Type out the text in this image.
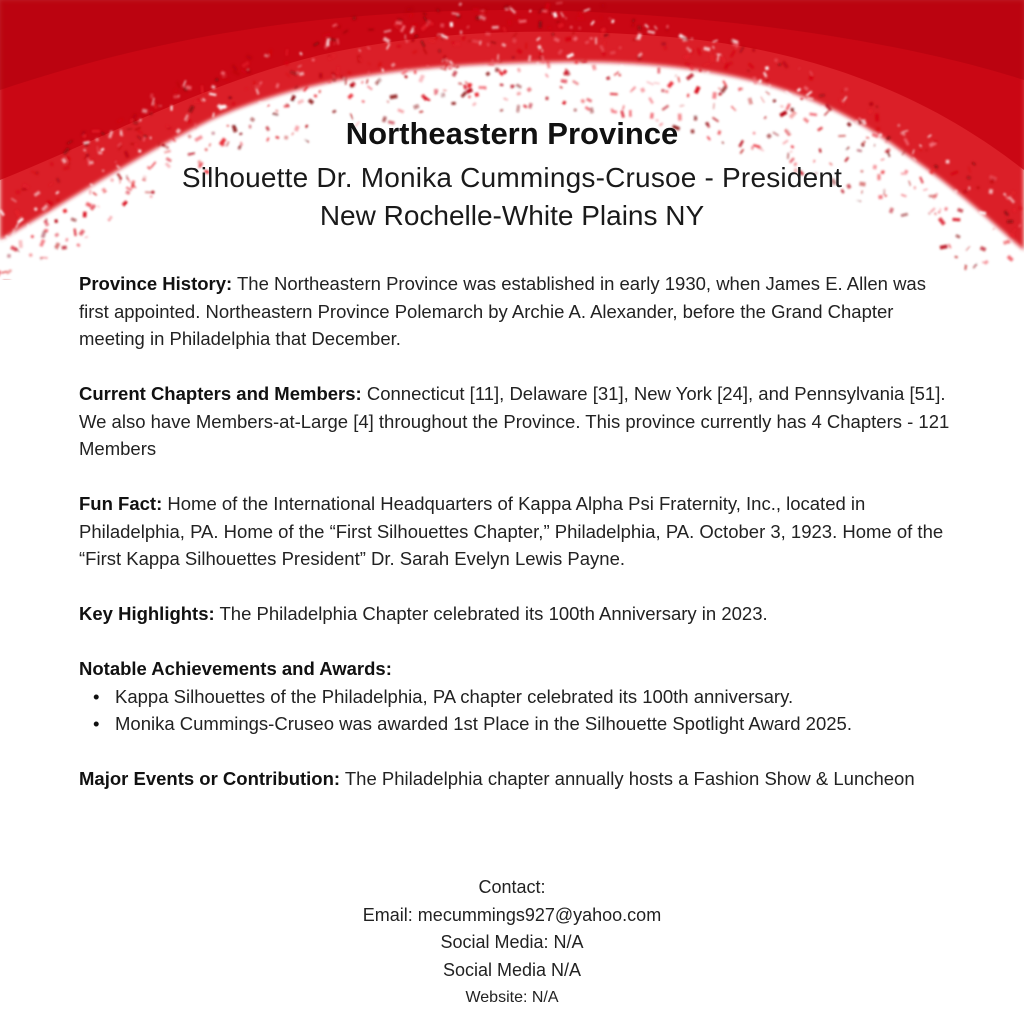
Northeastern Province
Silhouette Dr. Monika Cummings-Crusoe - President
New Rochelle-White Plains NY
Province History: The Northeastern Province was established in early 1930, when James E. Allen was first appointed. Northeastern Province Polemarch by Archie A. Alexander, before the Grand Chapter meeting in Philadelphia that December.
Current Chapters and Members: Connecticut [11], Delaware [31], New York [24], and Pennsylvania [51]. We also have Members-at-Large [4] throughout the Province. This province currently has 4 Chapters - 121 Members
Fun Fact: Home of the International Headquarters of Kappa Alpha Psi Fraternity, Inc., located in Philadelphia, PA. Home of the “First Silhouettes Chapter,” Philadelphia, PA. October 3, 1923. Home of the “First Kappa Silhouettes President” Dr. Sarah Evelyn Lewis Payne.
Key Highlights: The Philadelphia Chapter celebrated its 100th Anniversary in 2023.
Notable Achievements and Awards:
• Kappa Silhouettes of the Philadelphia, PA chapter celebrated its 100th anniversary.
• Monika Cummings-Cruseo was awarded 1st Place in the Silhouette Spotlight Award 2025.
Major Events or Contribution: The Philadelphia chapter annually hosts a Fashion Show & Luncheon
Contact:
Email: mecummings927@yahoo.com
Social Media: N/A
Social Media N/A
Website: N/A
